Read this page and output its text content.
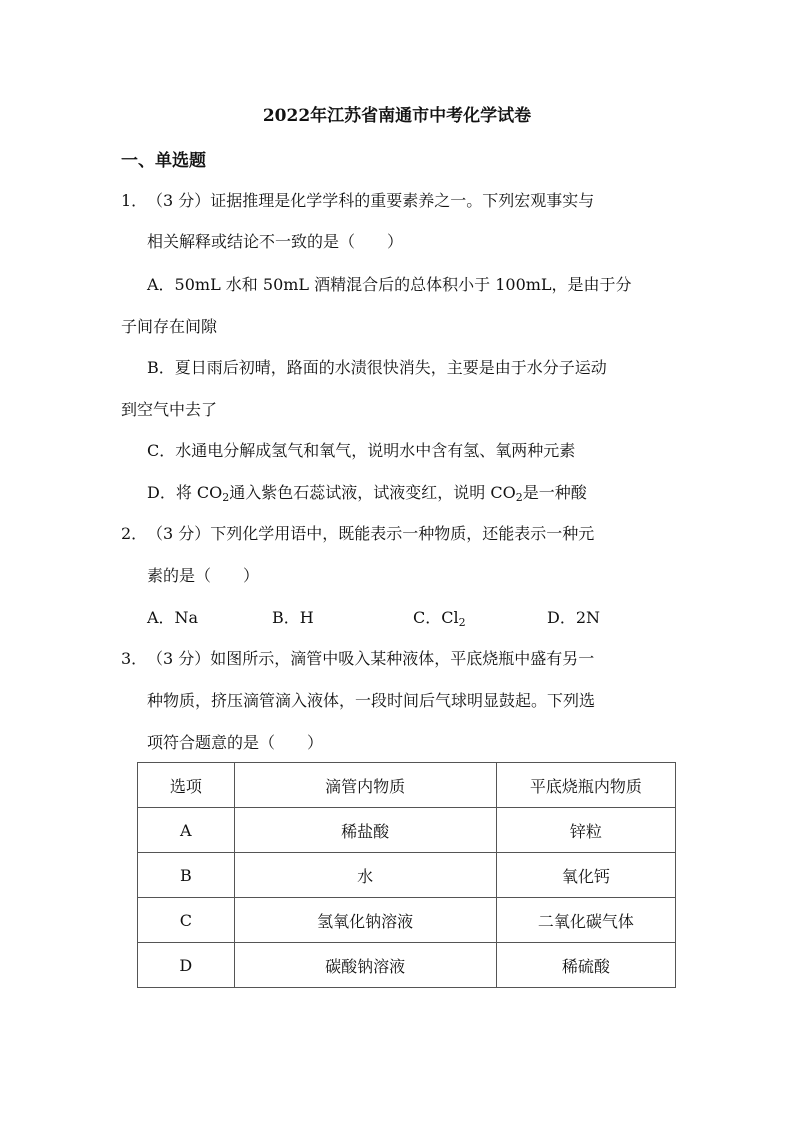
2022年江苏省南通市中考化学试卷
一、单选题
1． （3 分）证据推理是化学学科的重要素养之一。下列宏观事实与
相关解释或结论不一致的是（　　）
A．50mL 水和 50mL 酒精混合后的总体积小于 100mL，是由于分
子间存在间隙
B．夏日雨后初晴，路面的水渍很快消失，主要是由于水分子运动
到空气中去了
C．水通电分解成氢气和氧气，说明水中含有氢、氧两种元素
D．将 $CO_2$通入紫色石蕊试液，试液变红，说明 $CO_2$是一种酸
2． （3 分）下列化学用语中，既能表示一种物质，还能表示一种元
素的是（　　）
A．Na	B．H	C．$Cl_2$	D．2N
3． （3 分）如图所示，滴管中吸入某种液体，平底烧瓶中盛有另一
种物质，挤压滴管滴入液体，一段时间后气球明显鼓起。下列选
项符合题意的是（　　）
选项	滴管内物质	平底烧瓶内物质
A	稀盐酸	锌粒
B	水	氧化钙
C	氢氧化钠溶液	二氧化碳气体
D	碳酸钠溶液	稀硫酸
